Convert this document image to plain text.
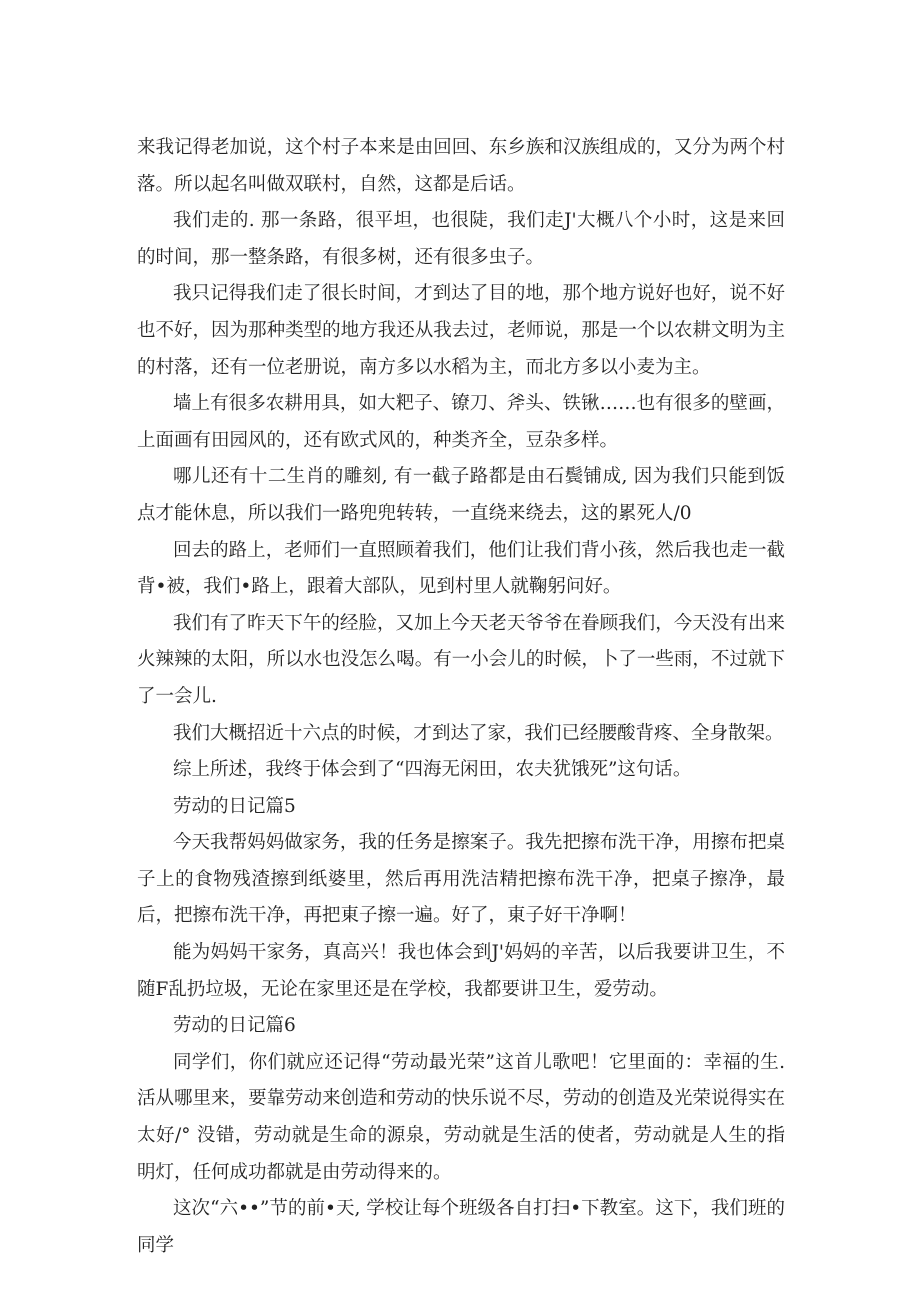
来我记得老加说，这个村子本来是由回回、东乡族和汉族组成的，又分为两个村落。所以起名叫做双联村，自然，这都是后话。

我们走的. 那一条路，很平坦，也很陡，我们走J'大概八个小时，这是来回的时间，那一整条路，有很多树，还有很多虫子。

我只记得我们走了很长时间，才到达了目的地，那个地方说好也好，说不好也不好，因为那种类型的地方我还从我去过，老师说，那是一个以农耕文明为主的村落，还有一位老册说，南方多以水稻为主，而北方多以小麦为主。

墙上有很多农耕用具，如大粑子、镣刀、斧头、铁锹……也有很多的壁画，上面画有田园风的，还有欧式风的，种类齐全，豆杂多样。

哪儿还有十二生肖的雕刻, 有一截子路都是由石鬓铺成, 因为我们只能到饭点才能休息，所以我们一路兜兜转转，一直绕来绕去，这的累死人/0

回去的路上，老师们一直照顾着我们，他们让我们背小孩，然后我也走一截背•被，我们•路上，跟着大部队，见到村里人就鞠躬问好。

我们有了昨天下午的经脸，又加上今天老天爷爷在眷顾我们，今天没有出来火辣辣的太阳，所以水也没怎么喝。有一小会儿的时候，卜了一些雨，不过就下了一会儿.

我们大概招近十六点的时候，才到达了家，我们已经腰酸背疼、全身散架。

综上所述，我终于体会到了“四海无闲田，农夫犹饿死”这句话。

劳动的日记篇5

今天我帮妈妈做家务，我的任务是擦案子。我先把擦布洗干净，用擦布把桌子上的食物残渣擦到纸婆里，然后再用洗洁精把擦布洗干净，把桌子擦净，最后，把擦布洗干净，再把東子擦一遍。好了，東子好干净啊！

能为妈妈干家务，真高兴！我也体会到J'妈妈的辛苦，以后我要讲卫生，不随F乱扔垃圾，无论在家里还是在学校，我都要讲卫生，爱劳动。

劳动的日记篇6

同学们，你们就应还记得“劳动最光荣”这首儿歌吧！它里面的：幸福的生. 活从哪里来，要靠劳动来创造和劳动的快乐说不尽，劳动的创造及光荣说得实在太好/° 没错，劳动就是生命的源泉，劳动就是生活的使者，劳动就是人生的指明灯，任何成功都就是由劳动得来的。

这次“六••”节的前•天, 学校让每个班级各自打扫•下教室。这下，我们班的同学
